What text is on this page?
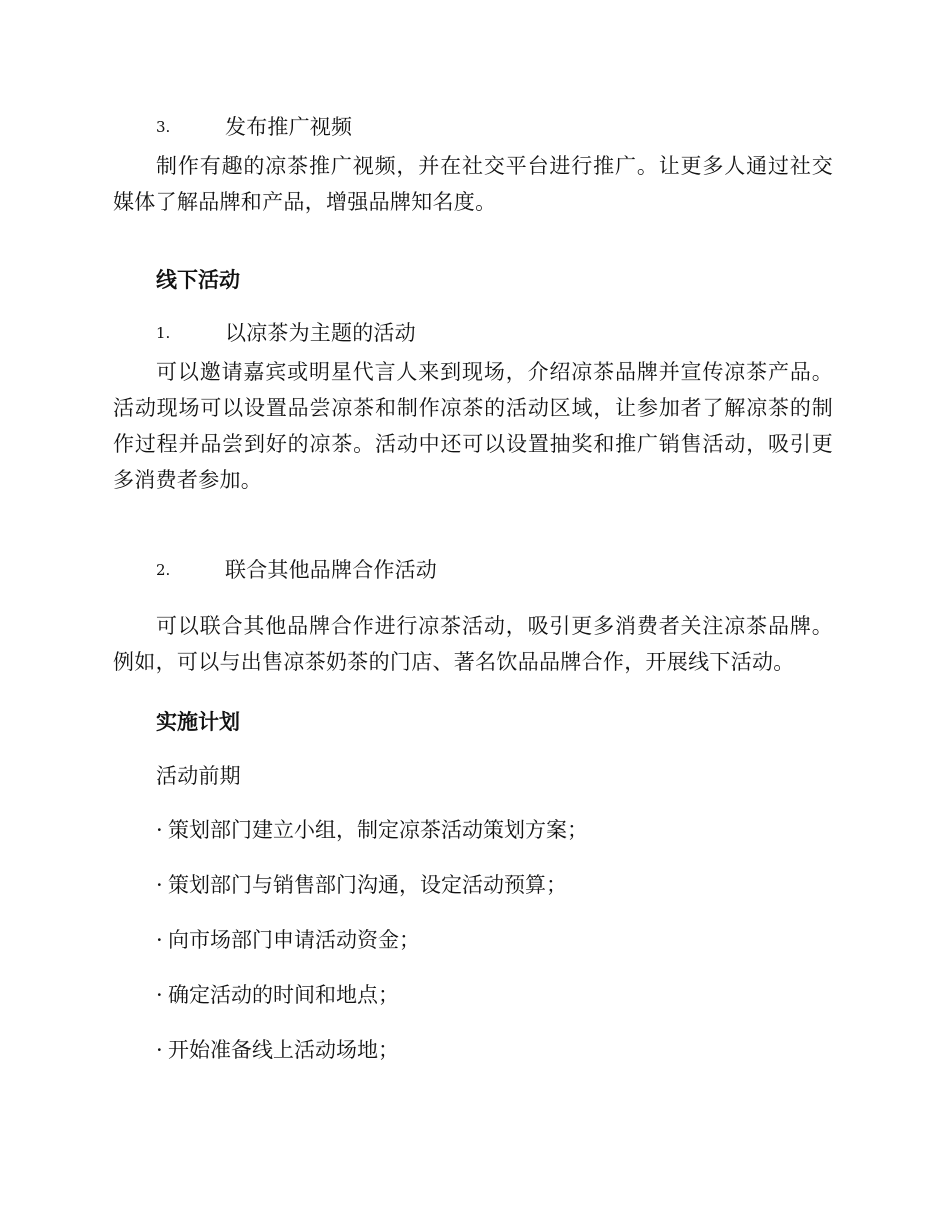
3.	发布推广视频

制作有趣的凉茶推广视频，并在社交平台进行推广。让更多人通过社交媒体了解品牌和产品，增强品牌知名度。

线下活动
1.	以凉茶为主题的活动

可以邀请嘉宾或明星代言人来到现场，介绍凉茶品牌并宣传凉茶产品。活动现场可以设置品尝凉茶和制作凉茶的活动区域，让参加者了解凉茶的制作过程并品尝到好的凉茶。活动中还可以设置抽奖和推广销售活动，吸引更多消费者参加。

2.	联合其他品牌合作活动

可以联合其他品牌合作进行凉茶活动，吸引更多消费者关注凉茶品牌。例如，可以与出售凉茶奶茶的门店、著名饮品品牌合作，开展线下活动。

实施计划
活动前期
· 策划部门建立小组，制定凉茶活动策划方案；
· 策划部门与销售部门沟通，设定活动预算；
· 向市场部门申请活动资金；
· 确定活动的时间和地点；
· 开始准备线上活动场地；
